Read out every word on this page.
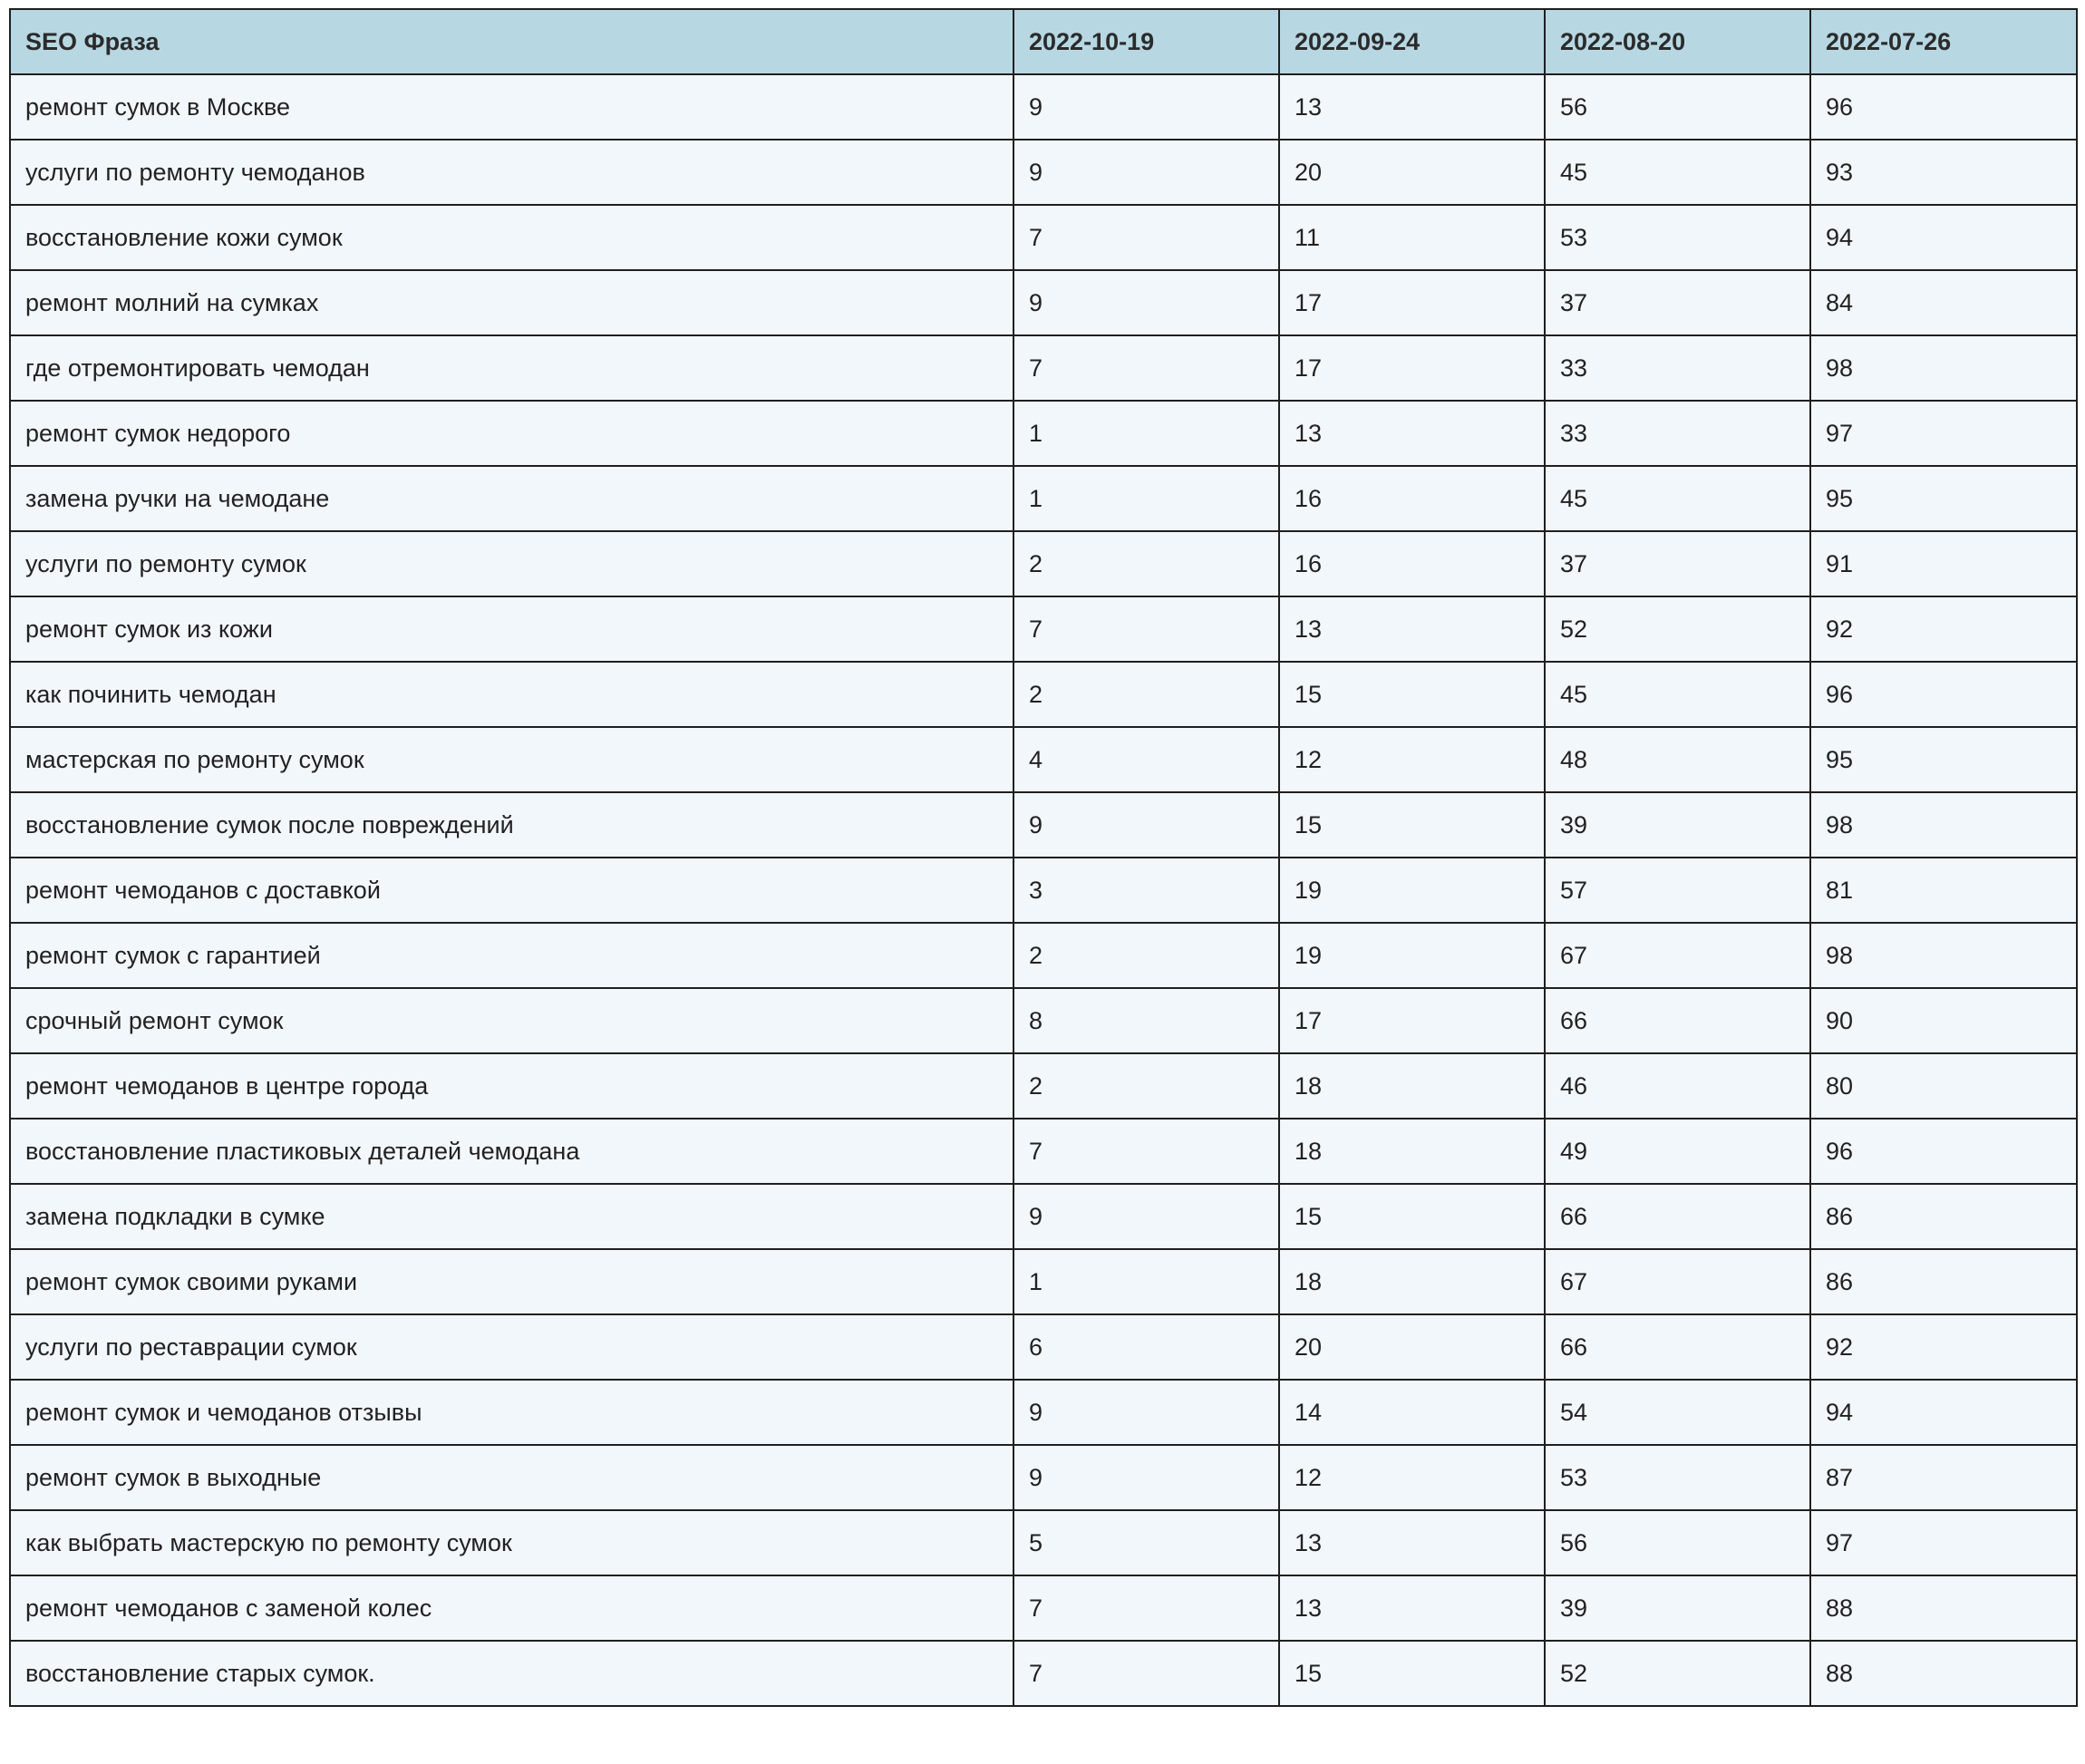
SEO Фраза	2022-10-19	2022-09-24	2022-08-20	2022-07-26
ремонт сумок в Москве	9	13	56	96
услуги по ремонту чемоданов	9	20	45	93
восстановление кожи сумок	7	11	53	94
ремонт молний на сумках	9	17	37	84
где отремонтировать чемодан	7	17	33	98
ремонт сумок недорого	1	13	33	97
замена ручки на чемодане	1	16	45	95
услуги по ремонту сумок	2	16	37	91
ремонт сумок из кожи	7	13	52	92
как починить чемодан	2	15	45	96
мастерская по ремонту сумок	4	12	48	95
восстановление сумок после повреждений	9	15	39	98
ремонт чемоданов с доставкой	3	19	57	81
ремонт сумок с гарантией	2	19	67	98
срочный ремонт сумок	8	17	66	90
ремонт чемоданов в центре города	2	18	46	80
восстановление пластиковых деталей чемодана	7	18	49	96
замена подкладки в сумке	9	15	66	86
ремонт сумок своими руками	1	18	67	86
услуги по реставрации сумок	6	20	66	92
ремонт сумок и чемоданов отзывы	9	14	54	94
ремонт сумок в выходные	9	12	53	87
как выбрать мастерскую по ремонту сумок	5	13	56	97
ремонт чемоданов с заменой колес	7	13	39	88
восстановление старых сумок.	7	15	52	88
